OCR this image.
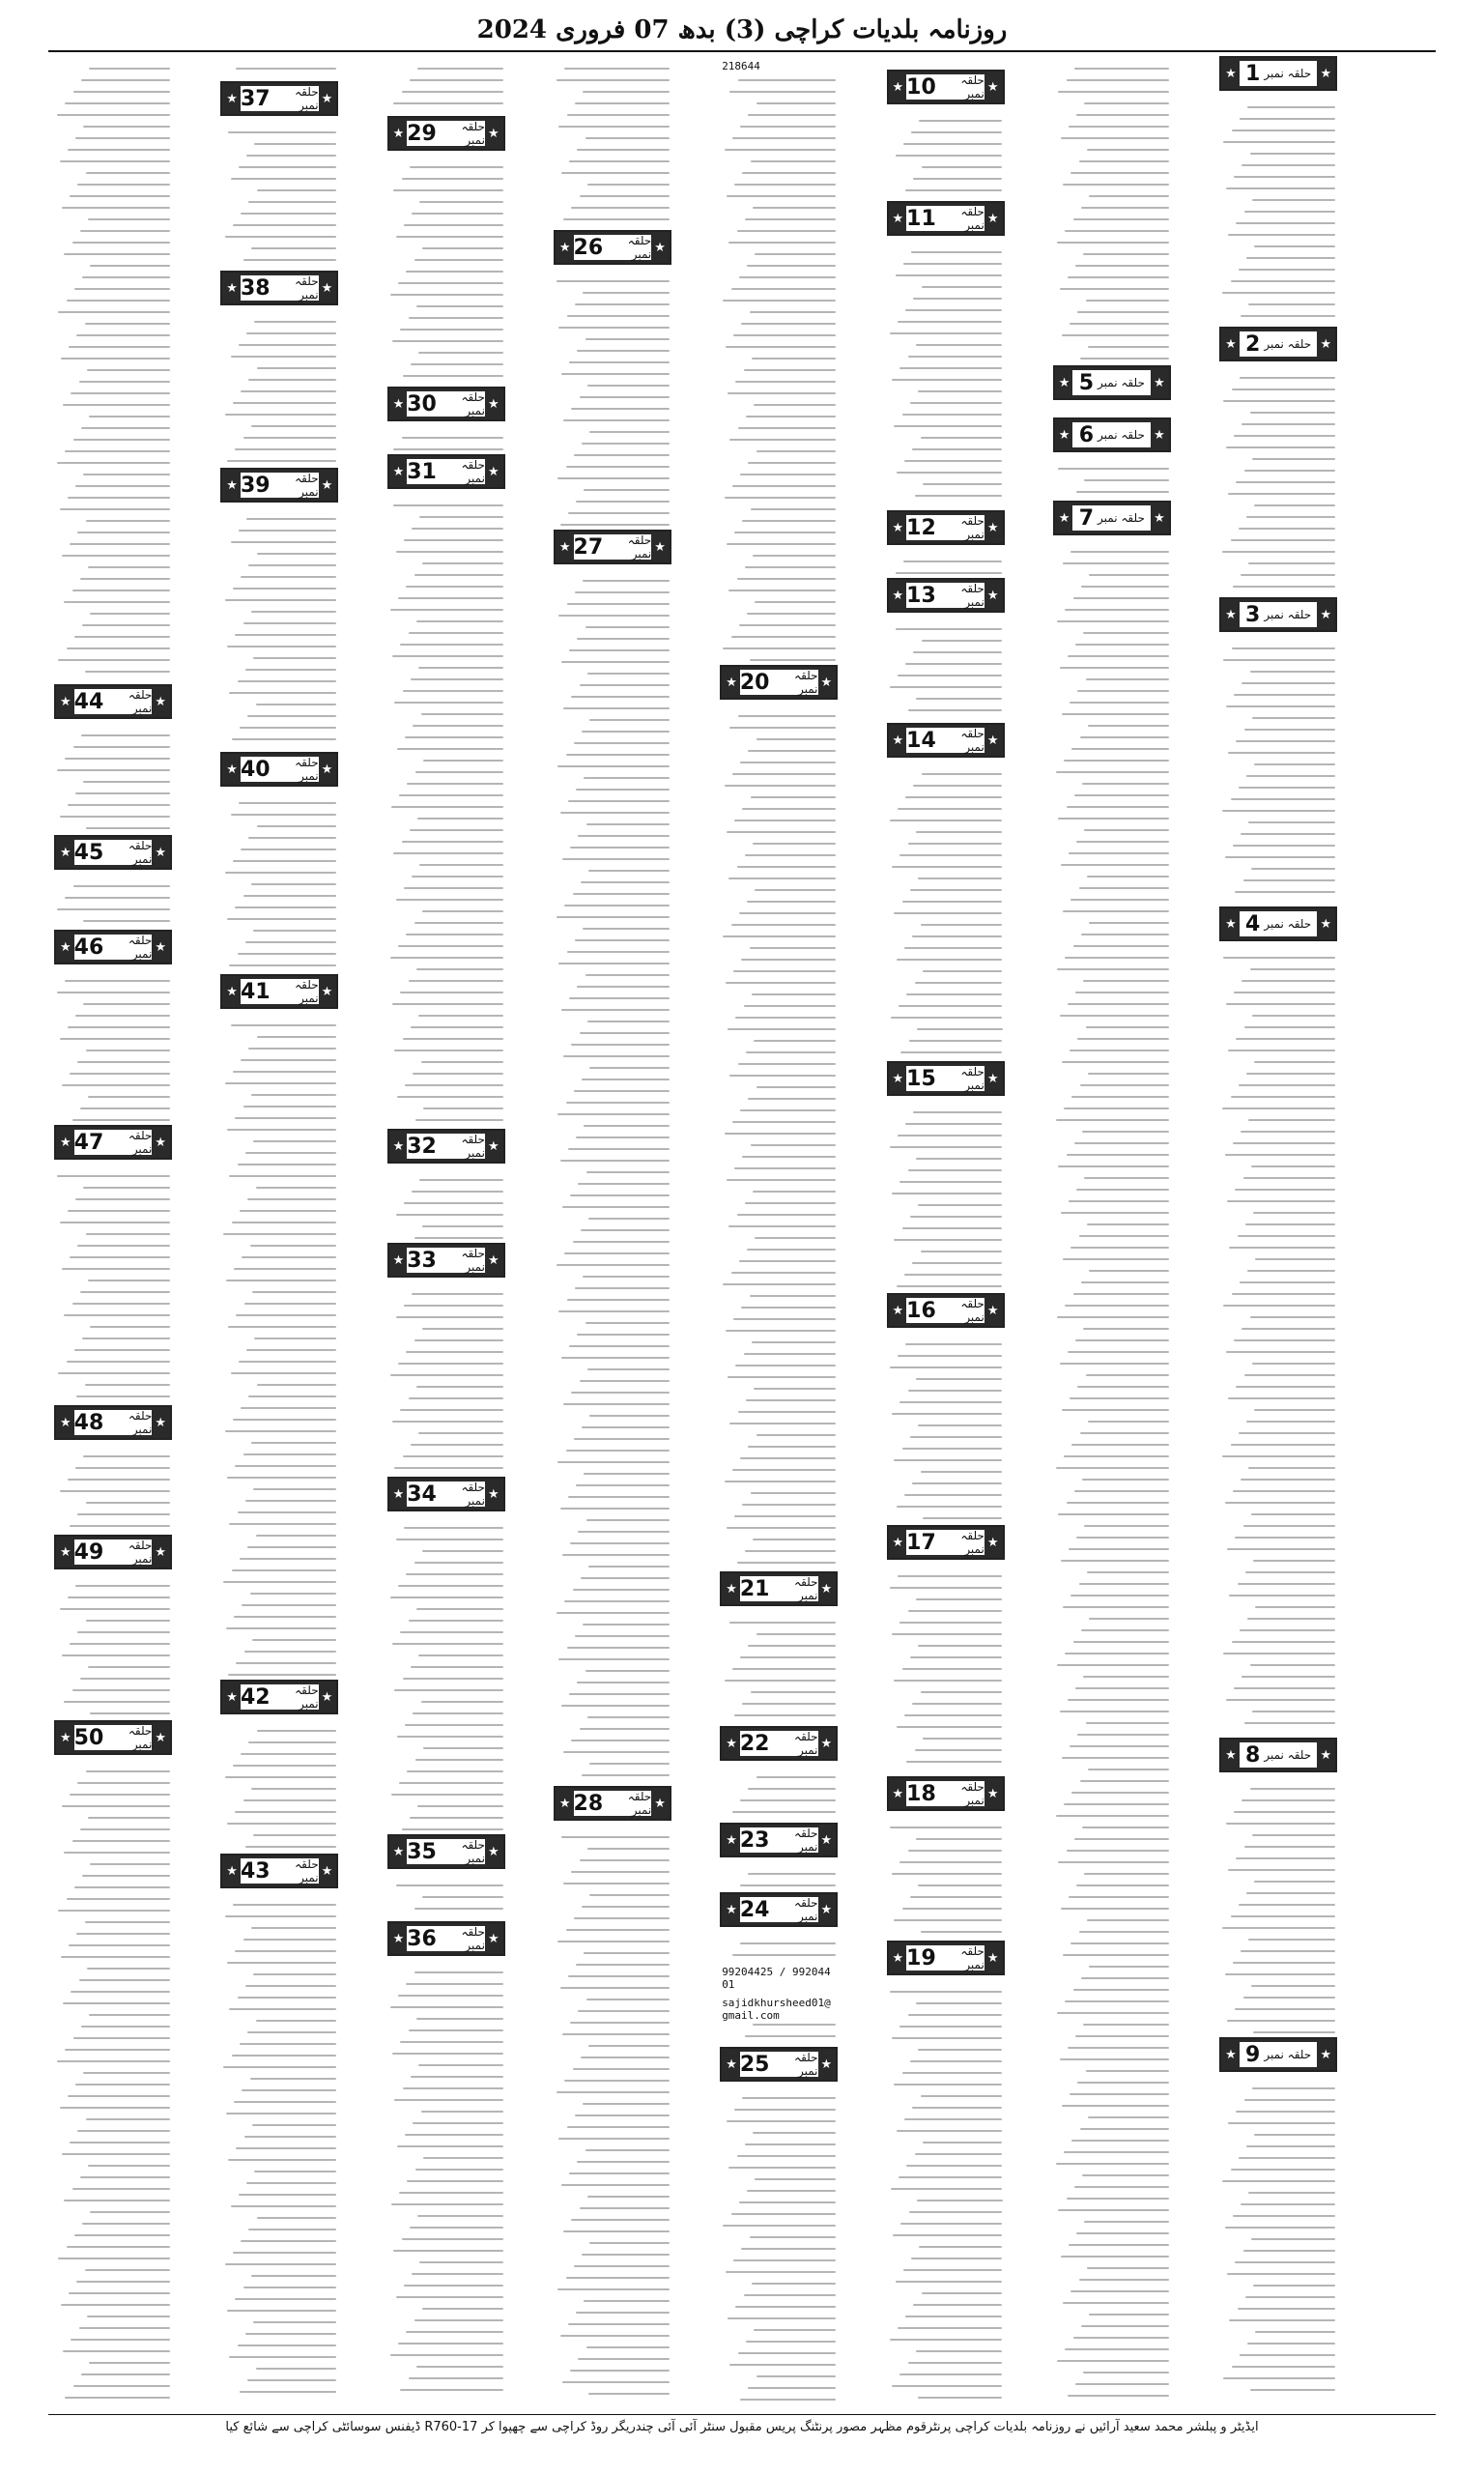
روزنامہ بلدیات کراچی (3) بدھ 07 فروری 2024
★ حلقہ نمبر
1	★
★ حلقہ نمبر
2	★
★ حلقہ نمبر
3	★
★ حلقہ نمبر
4	★
★ حلقہ نمبر
8	★
★ حلقہ نمبر
9	★
★ حلقہ نمبر
5	★
★ حلقہ نمبر
6	★
★ حلقہ نمبر
7	★
★	حلقہ نمبر
10	★
★	حلقہ نمبر
11	★
★	حلقہ نمبر
12	★
★	حلقہ نمبر
13	★
★	حلقہ نمبر
14	★
★	حلقہ نمبر
15	★
★	حلقہ نمبر
16	★
★	حلقہ نمبر
17	★
★	حلقہ نمبر
18	★
★	حلقہ نمبر
19	★
★	حلقہ نمبر
20	★
★	حلقہ نمبر
21	★
★	حلقہ نمبر
22	★
★	حلقہ نمبر
23	★
★	حلقہ نمبر
24	★
★	حلقہ نمبر
25	★
218644
99204425 / 99204401
sajidkhursheed01@gmail.com
★	حلقہ نمبر
26	★
★	حلقہ نمبر
27	★
★	حلقہ نمبر
28	★
★	حلقہ نمبر
29	★
★	حلقہ نمبر
30	★
★	حلقہ نمبر
31	★
★	حلقہ نمبر
32	★
★	حلقہ نمبر
33	★
★	حلقہ نمبر
34	★
★	حلقہ نمبر
35	★
★	حلقہ نمبر
36	★
★	حلقہ نمبر
37	★
★	حلقہ نمبر
38	★
★	حلقہ نمبر
39	★
★	حلقہ نمبر
40	★
★	حلقہ نمبر
41	★
★	حلقہ نمبر
42	★
★	حلقہ نمبر
43	★
★	حلقہ نمبر
44	★
★	حلقہ نمبر
45	★
★	حلقہ نمبر
46	★
★	حلقہ نمبر
47	★
★	حلقہ نمبر
48	★
★	حلقہ نمبر
49	★
★	حلقہ نمبر
50	★
ایڈیٹر و پبلشر محمد سعید آرائیں نے روزنامہ بلدیات کراچی پرنٹرقوم مظہر مصور پرنٹنگ پریس مقبول سنٹر آئی آئی چندریگر روڈ کراچی سے چھپوا کر R760-17 ڈیفنس سوسائٹی کراچی سے شائع کیا
